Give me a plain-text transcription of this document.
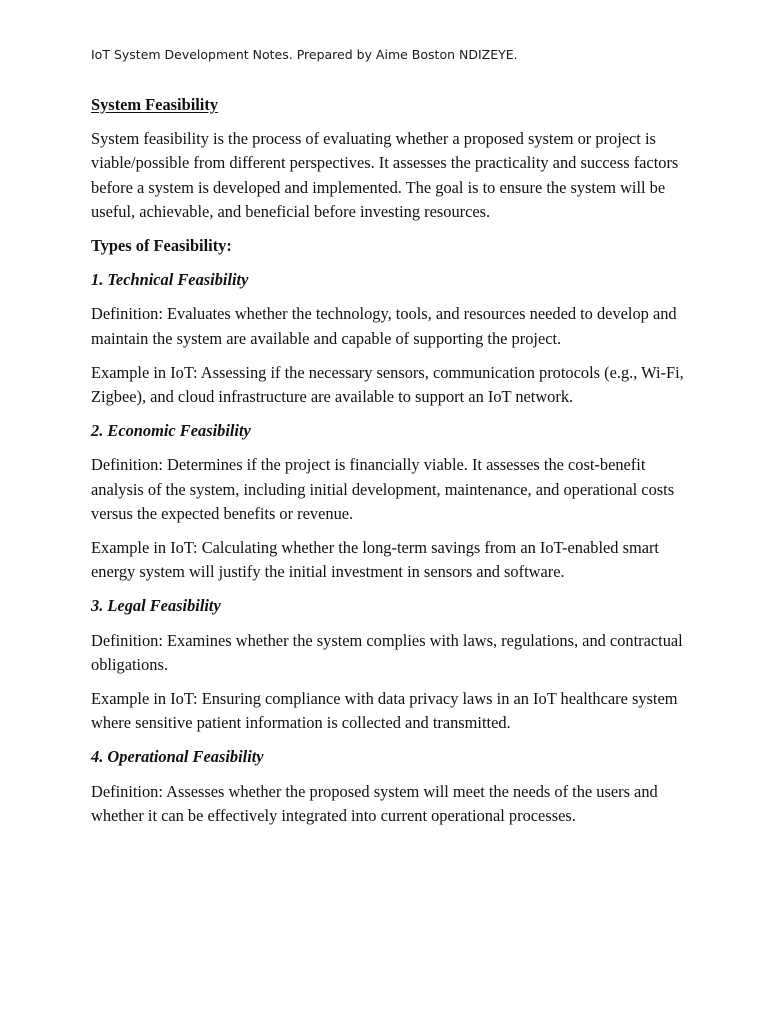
IoT System Development Notes. Prepared by Aime Boston NDIZEYE.

System Feasibility

System feasibility is the process of evaluating whether a proposed system or project is viable/possible from different perspectives. It assesses the practicality and success factors before a system is developed and implemented. The goal is to ensure the system will be useful, achievable, and beneficial before investing resources.

Types of Feasibility:

1. Technical Feasibility

Definition: Evaluates whether the technology, tools, and resources needed to develop and maintain the system are available and capable of supporting the project.

Example in IoT: Assessing if the necessary sensors, communication protocols (e.g., Wi-Fi, Zigbee), and cloud infrastructure are available to support an IoT network.

2. Economic Feasibility

Definition: Determines if the project is financially viable. It assesses the cost-benefit analysis of the system, including initial development, maintenance, and operational costs versus the expected benefits or revenue.

Example in IoT: Calculating whether the long-term savings from an IoT-enabled smart energy system will justify the initial investment in sensors and software.

3. Legal Feasibility

Definition: Examines whether the system complies with laws, regulations, and contractual obligations.

Example in IoT: Ensuring compliance with data privacy laws in an IoT healthcare system where sensitive patient information is collected and transmitted.

4. Operational Feasibility

Definition: Assesses whether the proposed system will meet the needs of the users and whether it can be effectively integrated into current operational processes.
